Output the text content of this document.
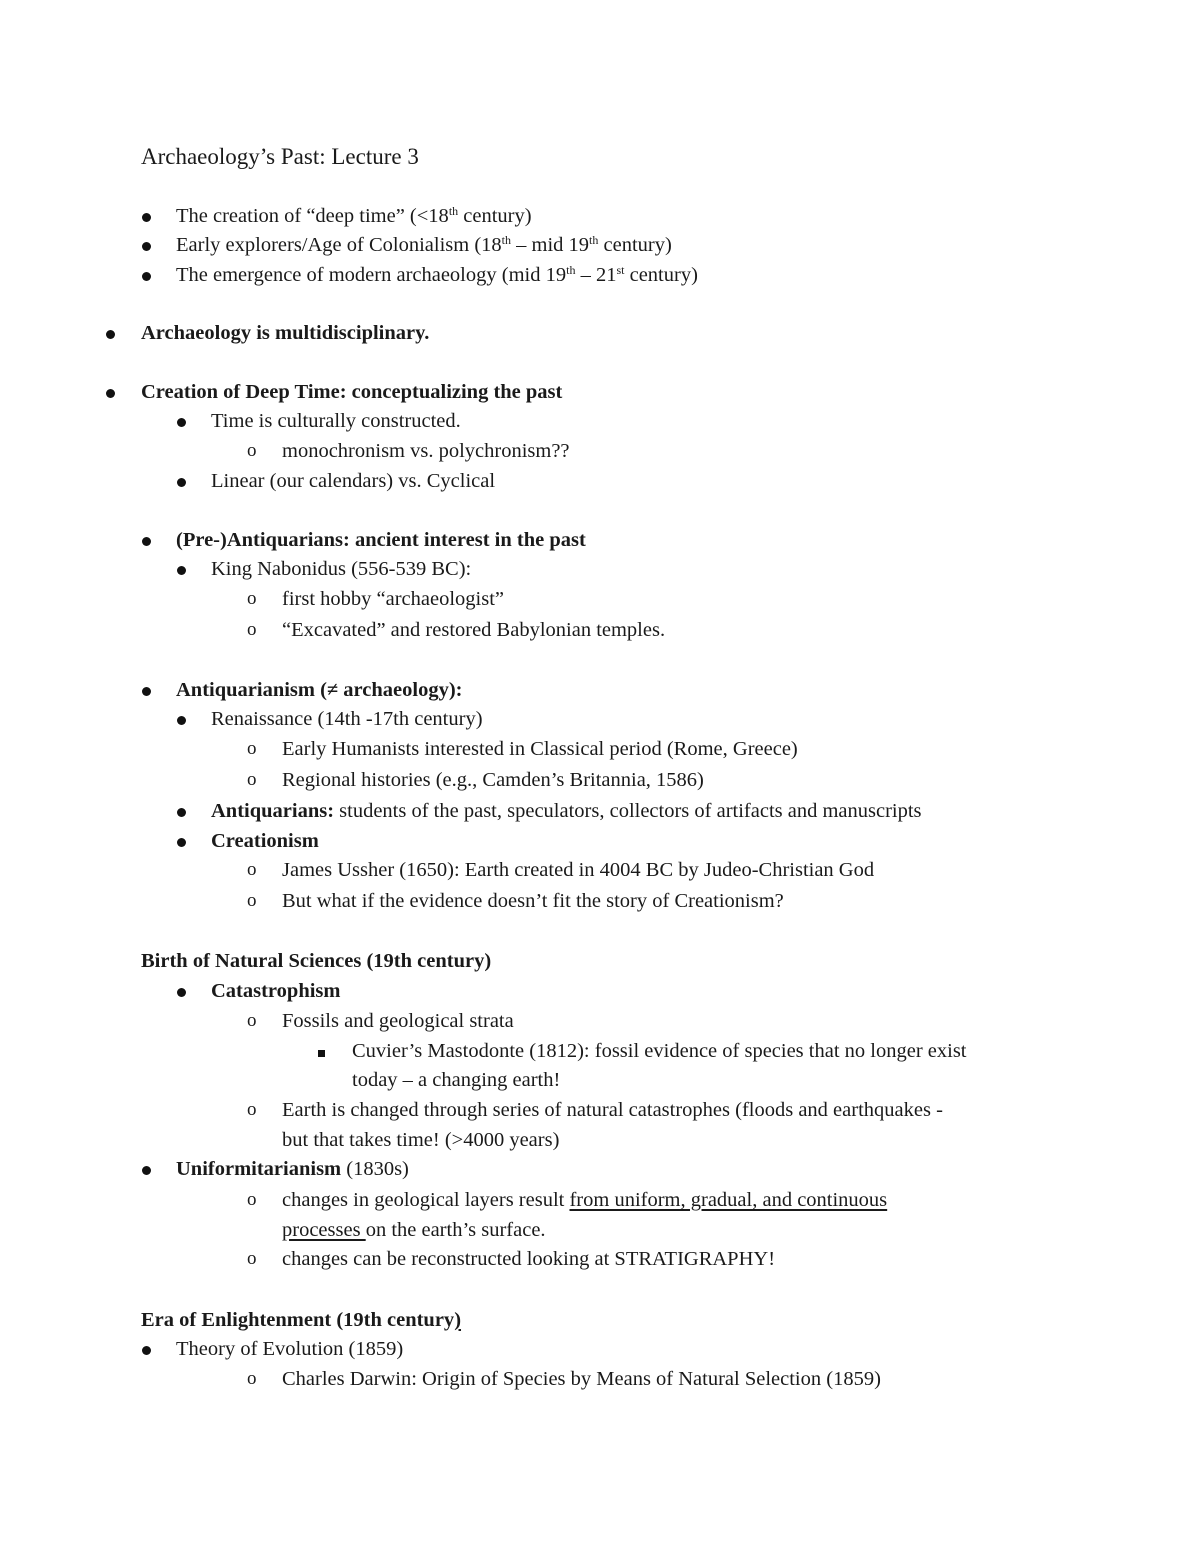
Archaeology’s Past: Lecture 3
The creation of “deep time” (<18th century)
Early explorers/Age of Colonialism (18th – mid 19th century)
The emergence of modern archaeology (mid 19th – 21st century)
Archaeology is multidisciplinary.
Creation of Deep Time: conceptualizing the past
Time is culturally constructed.
o monochronism vs. polychronism??
Linear (our calendars) vs. Cyclical
(Pre-)Antiquarians: ancient interest in the past
King Nabonidus (556-539 BC):
o first hobby “archaeologist”
o “Excavated” and restored Babylonian temples.
Antiquarianism (≠ archaeology):
Renaissance (14th -17th century)
o Early Humanists interested in Classical period (Rome, Greece)
o Regional histories (e.g., Camden’s Britannia, 1586)
Antiquarians: students of the past, speculators, collectors of artifacts and manuscripts
Creationism
o James Ussher (1650): Earth created in 4004 BC by Judeo-Christian God
o But what if the evidence doesn’t fit the story of Creationism?
Birth of Natural Sciences (19th century)
Catastrophism
o Fossils and geological strata
Cuvier’s Mastodonte (1812): fossil evidence of species that no longer exist
today – a changing earth!
o Earth is changed through series of natural catastrophes (floods and earthquakes -
but that takes time! (>4000 years)
Uniformitarianism (1830s)
o changes in geological layers result from uniform, gradual, and continuous
processes on the earth’s surface.
o changes can be reconstructed looking at STRATIGRAPHY!
Era of Enlightenment (19th century)
Theory of Evolution (1859)
o Charles Darwin: Origin of Species by Means of Natural Selection (1859)
